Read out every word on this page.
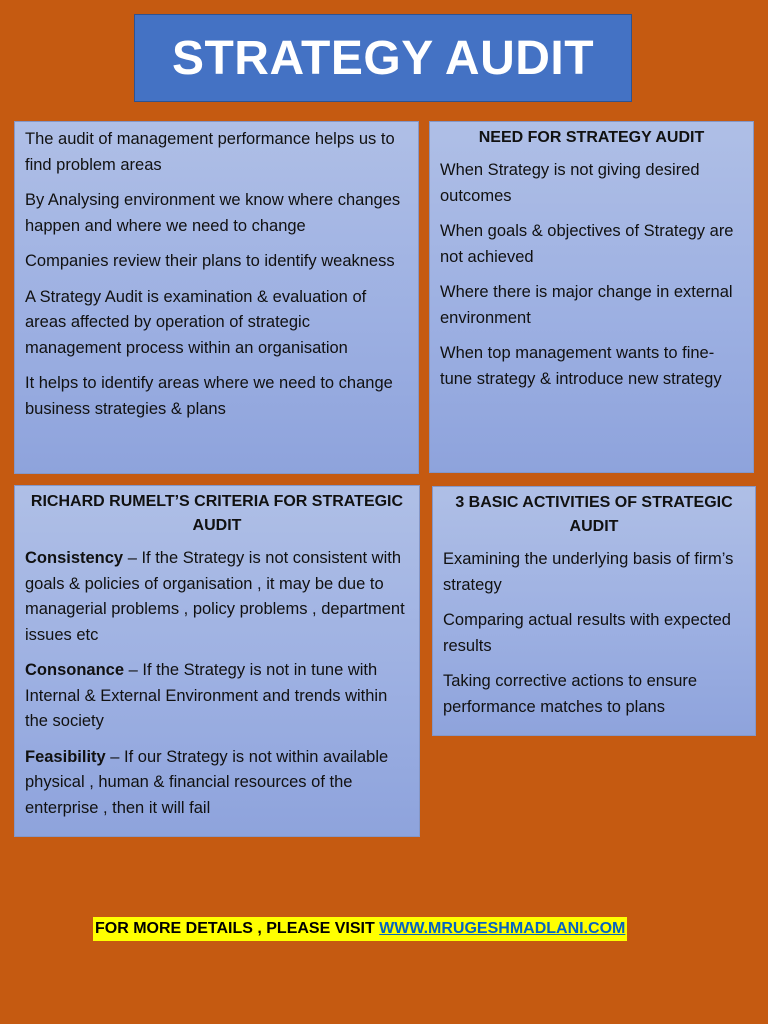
STRATEGY AUDIT

The audit of management performance helps us to find problem areas

By Analysing environment we know where changes happen and where we need to change

Companies review their plans to identify weakness

A Strategy Audit is examination & evaluation of areas affected by operation of strategic management process within an organisation

It helps to identify areas where we need to change business strategies & plans

NEED FOR STRATEGY AUDIT

When Strategy is not giving desired outcomes

When goals & objectives of Strategy are not achieved

Where there is major change in external environment

When top management wants to fine-tune strategy & introduce new strategy

RICHARD RUMELT’S CRITERIA FOR STRATEGIC AUDIT

Consistency – If the Strategy is not consistent with goals & policies of organisation , it may be due to managerial problems , policy problems , department issues etc

Consonance – If the Strategy is not in tune with Internal & External Environment and trends within the society

Feasibility – If our Strategy is not within available physical , human & financial resources of the enterprise , then it will fail

3 BASIC ACTIVITIES OF STRATEGIC AUDIT

Examining the underlying basis of firm’s strategy

Comparing actual results with expected results

Taking corrective actions to ensure performance matches to plans

FOR MORE DETAILS , PLEASE VISIT WWW.MRUGESHMADLANI.COM
